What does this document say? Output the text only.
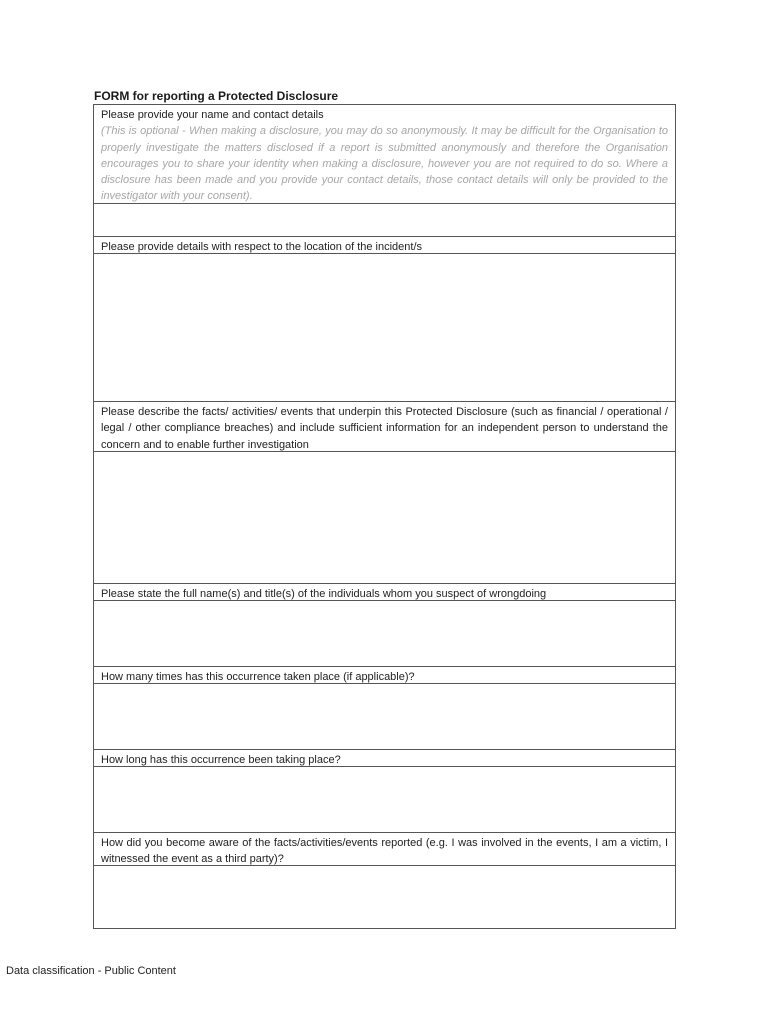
FORM for reporting a Protected Disclosure
Please provide your name and contact details
(This is optional - When making a disclosure, you may do so anonymously. It may be difficult for the Organisation to properly investigate the matters disclosed if a report is submitted anonymously and therefore the Organisation encourages you to share your identity when making a disclosure, however you are not required to do so. Where a disclosure has been made and you provide your contact details, those contact details will only be provided to the investigator with your consent).
Please provide details with respect to the location of the incident/s
Please describe the facts/ activities/ events that underpin this Protected Disclosure (such as financial / operational / legal / other compliance breaches) and include sufficient information for an independent person to understand the concern and to enable further investigation
Please state the full name(s) and title(s) of the individuals whom you suspect of wrongdoing
How many times has this occurrence taken place (if applicable)?
How long has this occurrence been taking place?
How did you become aware of the facts/activities/events reported (e.g. I was involved in the events, I am a victim, I witnessed the event as a third party)?
Data classification - Public Content
